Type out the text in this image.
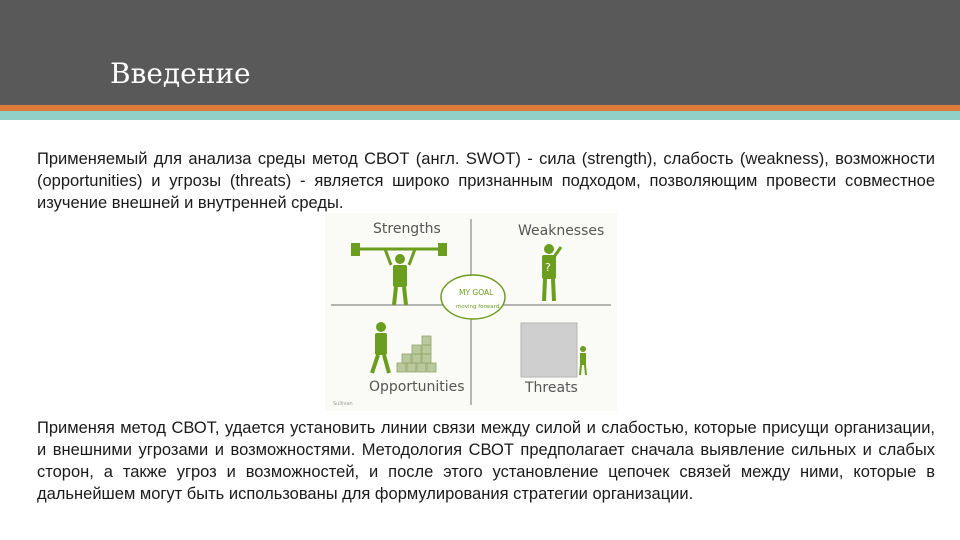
Введение

Применяемый для анализа среды метод СВОТ (англ. SWOT) - сила (strength), слабость (weakness), возможности (opportunities) и угрозы (threats) - является широко признанным подходом, позволяющим провести совместное изучение внешней и внутренней среды.

Strengths	Weaknesses
Opportunities	Threats
?
MY GOAL
moving forward
Sullivan

Применяя метод СВОТ, удается установить линии связи между силой и слабостью, которые присущи организации, и внешними угрозами и возможностями. Методология СВОТ предполагает сначала выявление сильных и слабых сторон, а также угроз и возможностей, и после этого установление цепочек связей между ними, которые в дальнейшем могут быть использованы для формулирования стратегии организации.
